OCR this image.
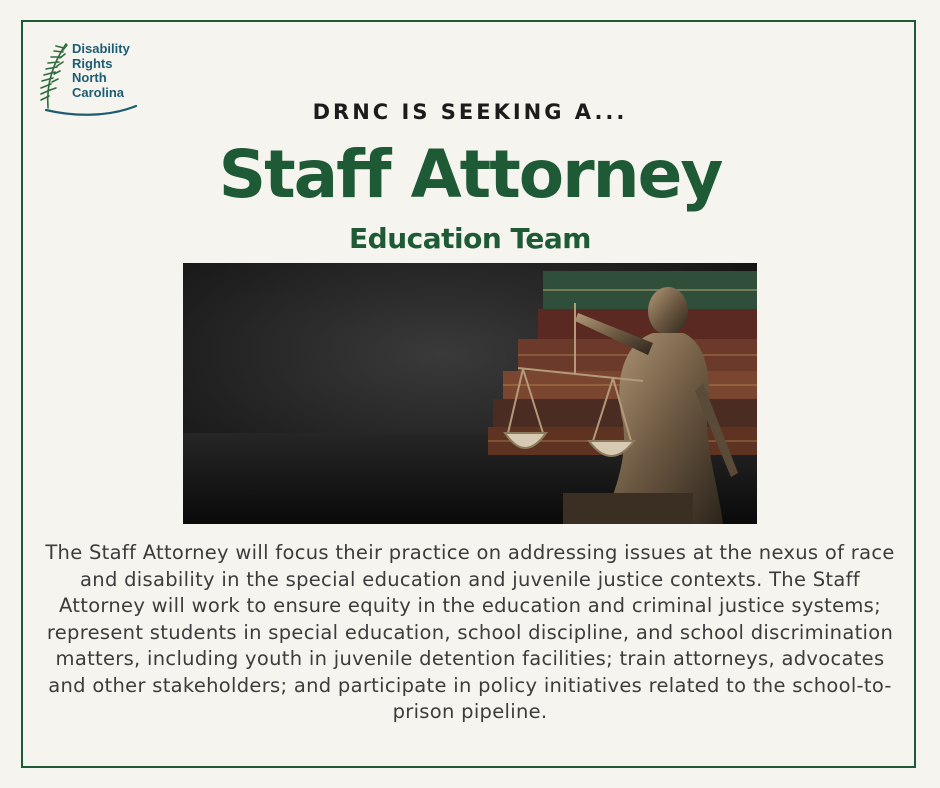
Disability
Rights
North
Carolina
DRNC IS SEEKING A...
Staff Attorney
Education Team
The Staff Attorney will focus their practice on addressing issues at the nexus of race and disability in the special education and juvenile justice contexts. The Staff Attorney will work to ensure equity in the education and criminal justice systems; represent students in special education, school discipline, and school discrimination matters, including youth in juvenile detention facilities; train attorneys, advocates and other stakeholders; and participate in policy initiatives related to the school-to-prison pipeline.
